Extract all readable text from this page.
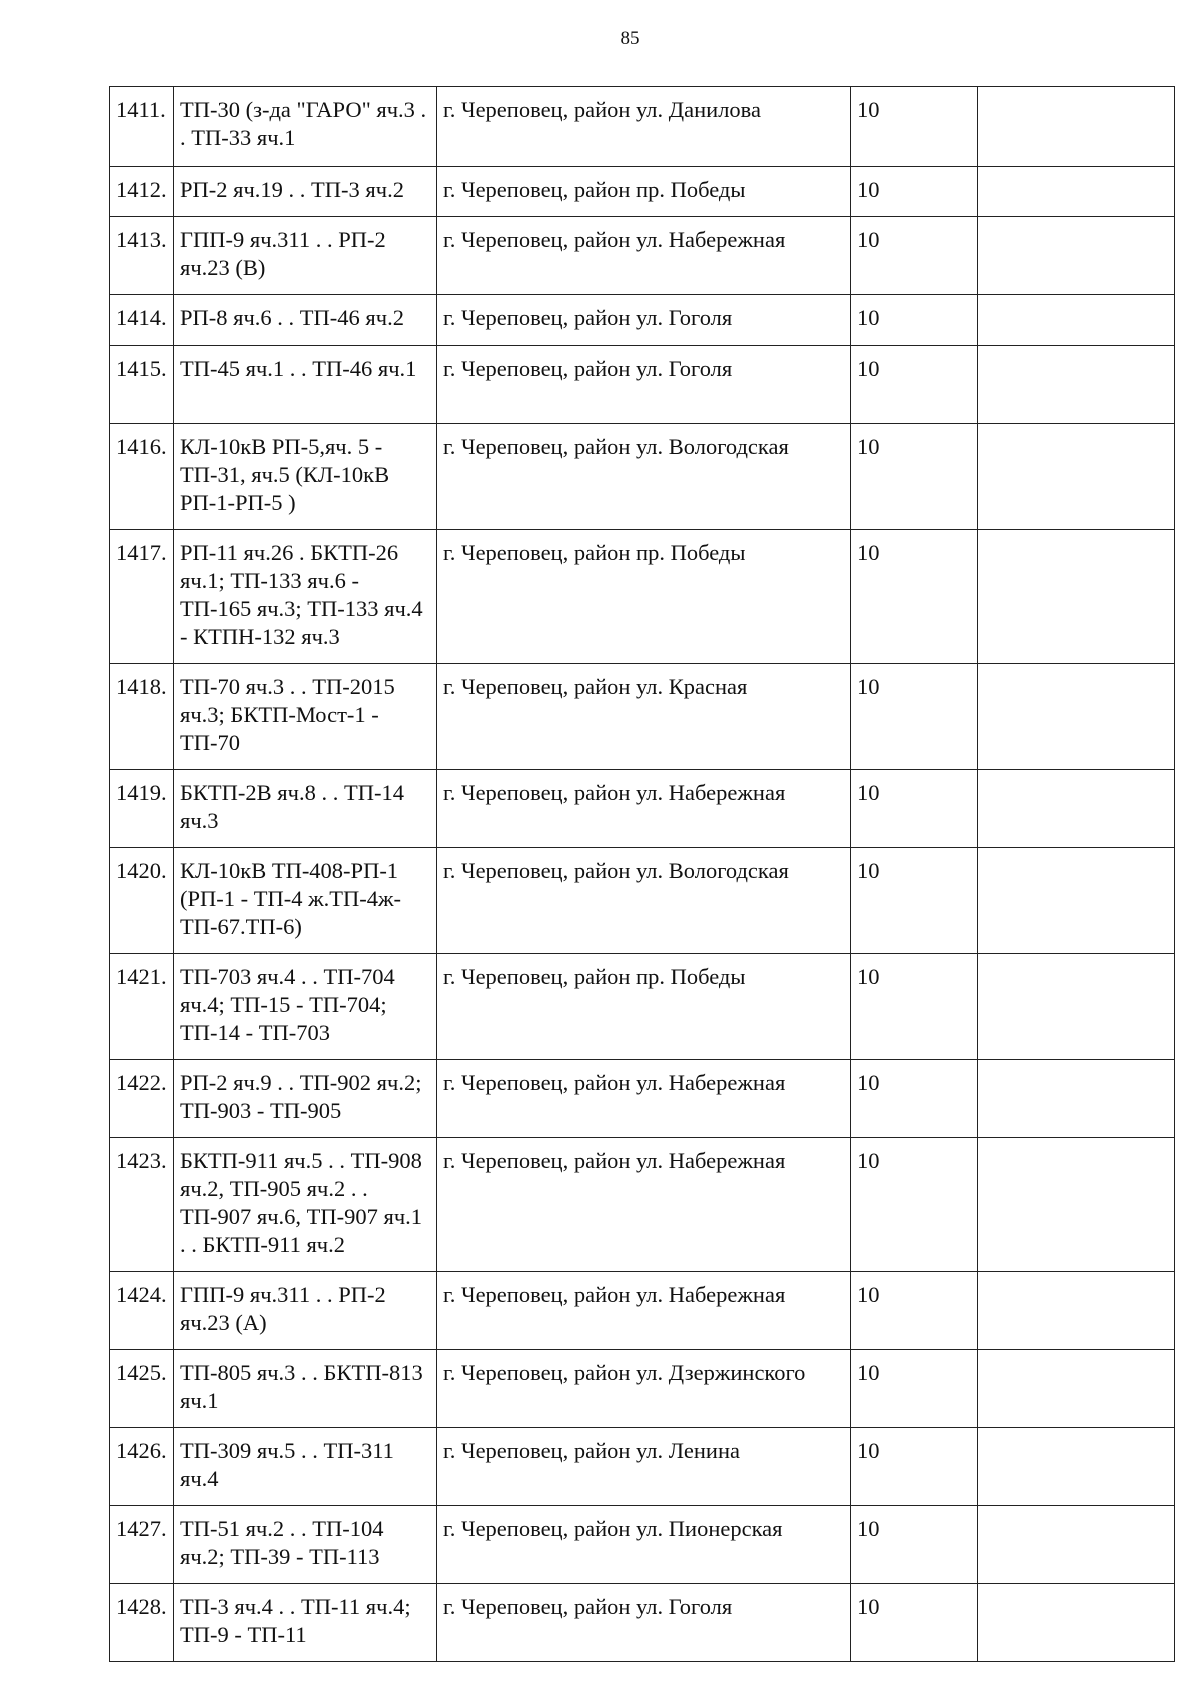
85
1411.	ТП-30 (з-да "ГАРО" яч.3 . . ТП-33 яч.1	г. Череповец, район ул. Данилова	10	
1412.	РП-2 яч.19 . . ТП-3 яч.2	г. Череповец, район пр. Победы	10	
1413.	ГПП-9 яч.311 . . РП-2 яч.23 (В)	г. Череповец, район ул. Набережная	10	
1414.	РП-8 яч.6 . . ТП-46 яч.2	г. Череповец, район ул. Гоголя	10	
1415.	ТП-45 яч.1 . . ТП-46 яч.1	г. Череповец, район ул. Гоголя	10	
1416.	КЛ-10кВ РП-5,яч. 5 - ТП-31, яч.5 (КЛ-10кВ РП-1-РП-5 )	г. Череповец, район ул. Вологодская	10	
1417.	РП-11 яч.26 . БКТП-26 яч.1; ТП-133 яч.6 - ТП-165 яч.3; ТП-133 яч.4 - КТПН-132 яч.3	г. Череповец, район пр. Победы	10	
1418.	ТП-70 яч.3 . . ТП-2015 яч.3; БКТП-Мост-1 - ТП-70	г. Череповец, район ул. Красная	10	
1419.	БКТП-2В яч.8 . . ТП-14 яч.3	г. Череповец, район ул. Набережная	10	
1420.	КЛ-10кВ ТП-408-РП-1 (РП-1 - ТП-4 ж.ТП-4ж-ТП-67.ТП-6)	г. Череповец, район ул. Вологодская	10	
1421.	ТП-703 яч.4 . . ТП-704 яч.4; ТП-15 - ТП-704; ТП-14 - ТП-703	г. Череповец, район пр. Победы	10	
1422.	РП-2 яч.9 . . ТП-902 яч.2; ТП-903 - ТП-905	г. Череповец, район ул. Набережная	10	
1423.	БКТП-911 яч.5 . . ТП-908 яч.2, ТП-905 яч.2 . . ТП-907 яч.6, ТП-907 яч.1 . . БКТП-911 яч.2	г. Череповец, район ул. Набережная	10	
1424.	ГПП-9 яч.311 . . РП-2 яч.23 (А)	г. Череповец, район ул. Набережная	10	
1425.	ТП-805 яч.3 . . БКТП-813 яч.1	г. Череповец, район ул. Дзержинского	10	
1426.	ТП-309 яч.5 . . ТП-311 яч.4	г. Череповец, район ул. Ленина	10	
1427.	ТП-51 яч.2 . . ТП-104 яч.2; ТП-39 - ТП-113	г. Череповец, район ул. Пионерская	10	
1428.	ТП-3 яч.4 . . ТП-11 яч.4; ТП-9 - ТП-11	г. Череповец, район ул. Гоголя	10	
